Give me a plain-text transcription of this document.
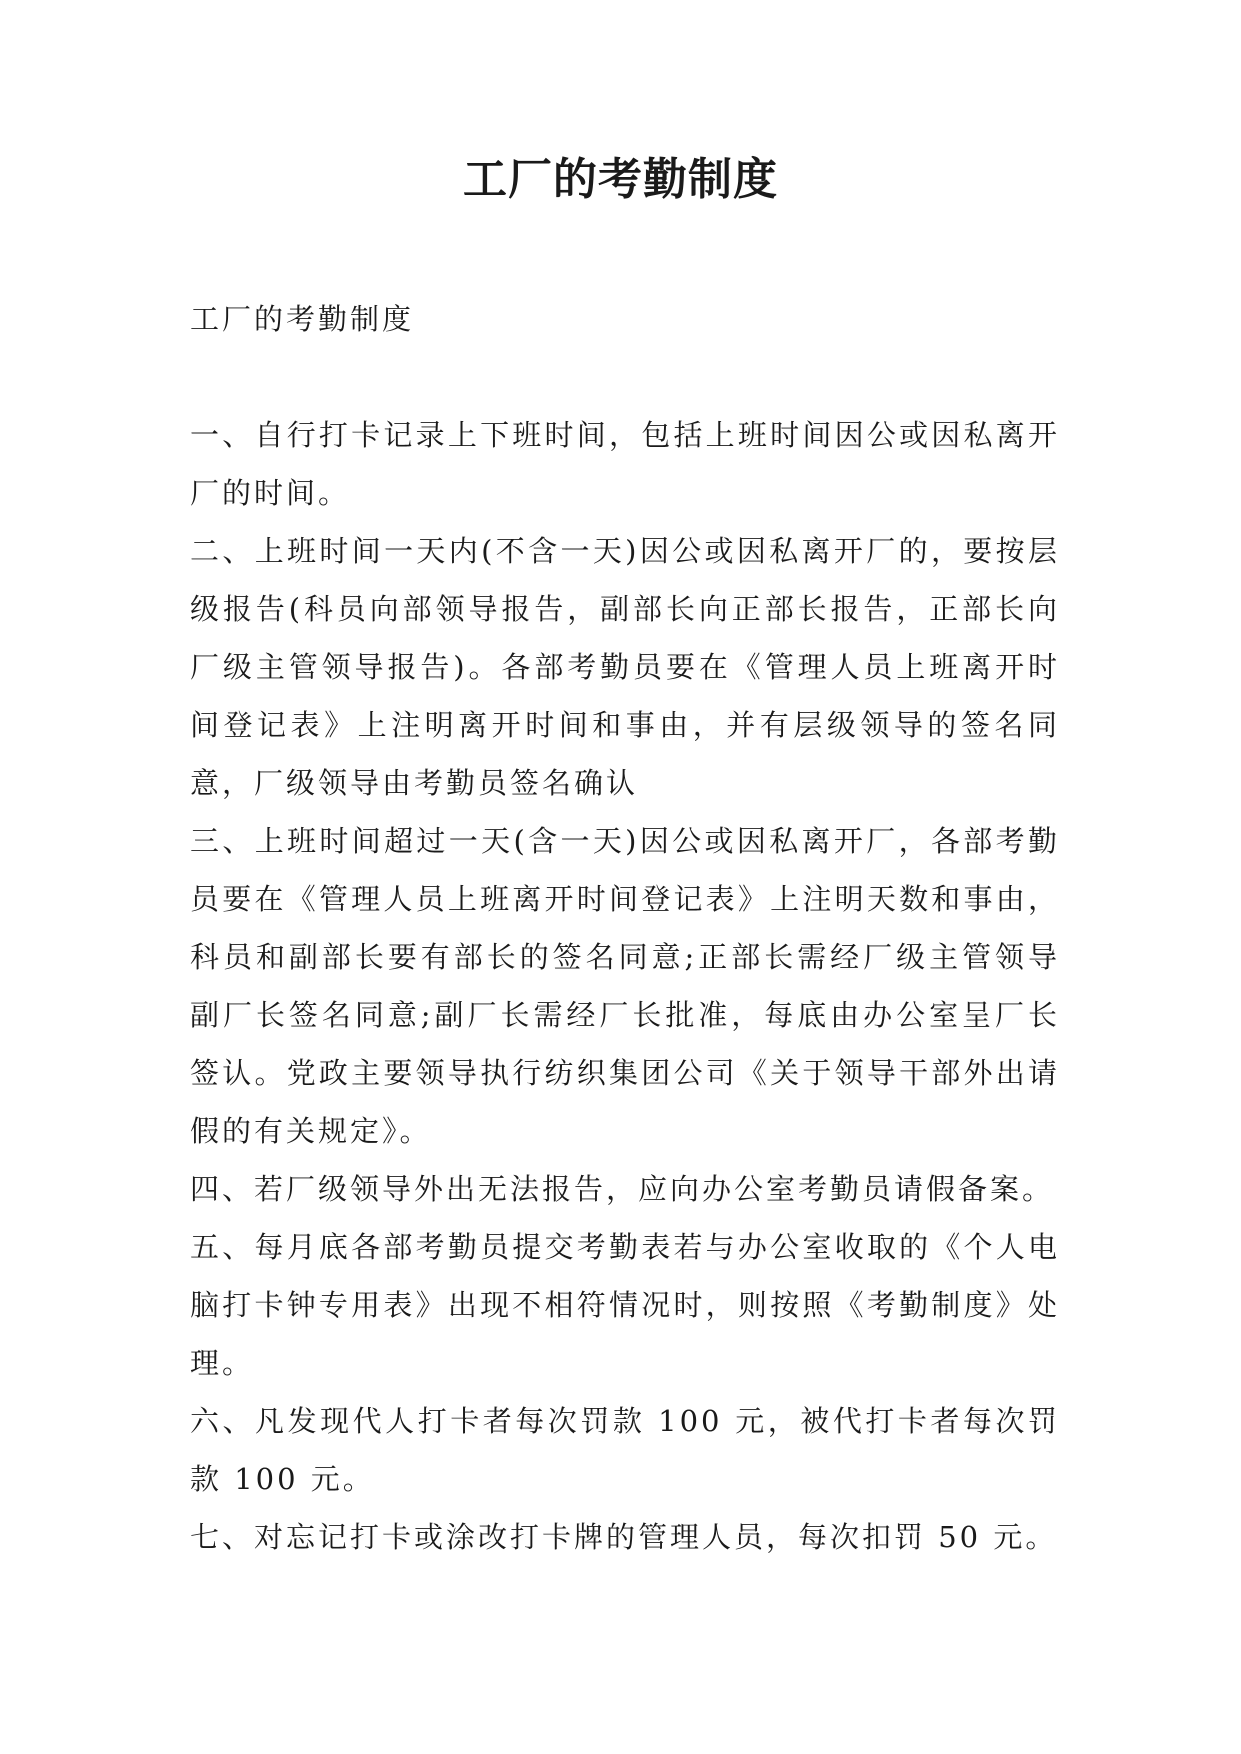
工厂的考勤制度

工厂的考勤制度

一、自行打卡记录上下班时间，包括上班时间因公或因私离开厂的时间。

二、上班时间一天内(不含一天)因公或因私离开厂的，要按层级报告(科员向部领导报告，副部长向正部长报告，正部长向厂级主管领导报告)。各部考勤员要在《管理人员上班离开时间登记表》上注明离开时间和事由，并有层级领导的签名同意，厂级领导由考勤员签名确认

三、上班时间超过一天(含一天)因公或因私离开厂，各部考勤员要在《管理人员上班离开时间登记表》上注明天数和事由，科员和副部长要有部长的签名同意;正部长需经厂级主管领导副厂长签名同意;副厂长需经厂长批准，每底由办公室呈厂长签认。党政主要领导执行纺织集团公司《关于领导干部外出请假的有关规定》。

四、若厂级领导外出无法报告，应向办公室考勤员请假备案。

五、每月底各部考勤员提交考勤表若与办公室收取的《个人电脑打卡钟专用表》出现不相符情况时，则按照《考勤制度》处理。

六、凡发现代人打卡者每次罚款 100 元，被代打卡者每次罚款 100 元。

七、对忘记打卡或涂改打卡牌的管理人员，每次扣罚 50 元。
